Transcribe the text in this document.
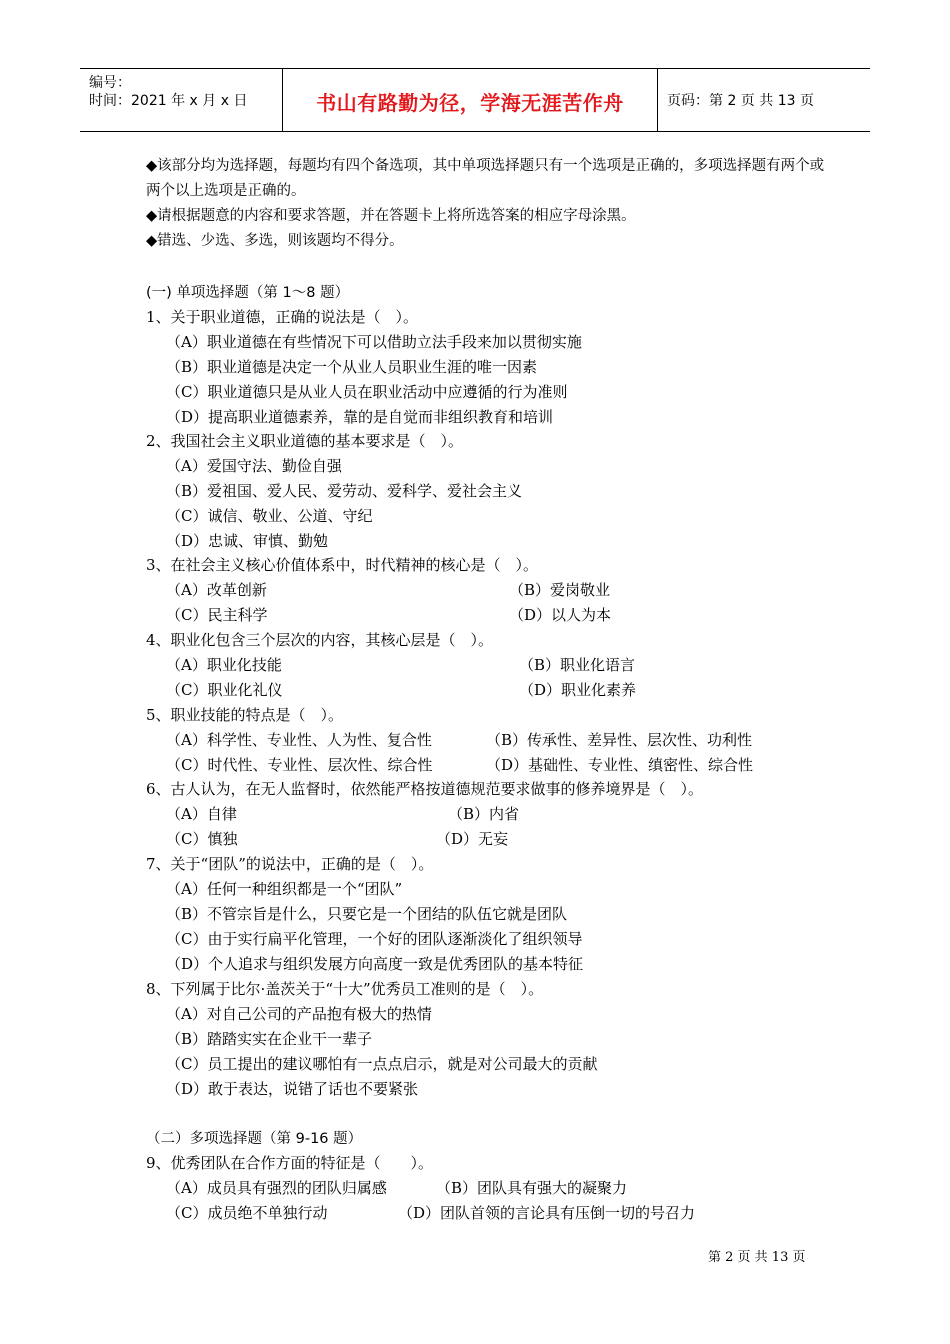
编号：
时间：2021 年 x 月 x 日	书山有路勤为径，学海无涯苦作舟	页码：第 2 页 共 13 页

◆该部分均为选择题，每题均有四个备选项，其中单项选择题只有一个选项是正确的，多项选择题有两个或两个以上选项是正确的。

◆请根据题意的内容和要求答题，并在答题卡上将所选答案的相应字母涂黑。

◆错选、少选、多选，则该题均不得分。

(一) 单项选择题（第 1～8 题）
1、关于职业道德，正确的说法是（　）。
（A）职业道德在有些情况下可以借助立法手段来加以贯彻实施
（B）职业道德是决定一个从业人员职业生涯的唯一因素
（C）职业道德只是从业人员在职业活动中应遵循的行为准则
（D）提高职业道德素养，靠的是自觉而非组织教育和培训
2、我国社会主义职业道德的基本要求是（　）。
（A）爱国守法、勤俭自强
（B）爱祖国、爱人民、爱劳动、爱科学、爱社会主义
（C）诚信、敬业、公道、守纪
（D）忠诚、审慎、勤勉
3、在社会主义核心价值体系中，时代精神的核心是（　）。
（A）改革创新	（B）爱岗敬业
（C）民主科学	（D）以人为本
4、职业化包含三个层次的内容，其核心层是（　）。
（A）职业化技能	（B）职业化语言
（C）职业化礼仪	（D）职业化素养
5、职业技能的特点是（　）。
（A）科学性、专业性、人为性、复合性	（B）传承性、差异性、层次性、功利性
（C）时代性、专业性、层次性、综合性	（D）基础性、专业性、缜密性、综合性
6、古人认为，在无人监督时，依然能严格按道德规范要求做事的修养境界是（　）。
（A）自律	（B）内省
（C）慎独	（D）无妄
7、关于“团队”的说法中，正确的是（　）。
（A）任何一种组织都是一个“团队”
（B）不管宗旨是什么，只要它是一个团结的队伍它就是团队
（C）由于实行扁平化管理，一个好的团队逐渐淡化了组织领导
（D）个人追求与组织发展方向高度一致是优秀团队的基本特征
8、下列属于比尔·盖茨关于“十大”优秀员工准则的是（　）。
（A）对自己公司的产品抱有极大的热情
（B）踏踏实实在企业干一辈子
（C）员工提出的建议哪怕有一点点启示，就是对公司最大的贡献
（D）敢于表达，说错了话也不要紧张
（二）多项选择题（第 9-16 题）
9、优秀团队在合作方面的特征是（　　）。
（A）成员具有强烈的团队归属感	（B）团队具有强大的凝聚力
（C）成员绝不单独行动	（D）团队首领的言论具有压倒一切的号召力
第 2 页 共 13 页
